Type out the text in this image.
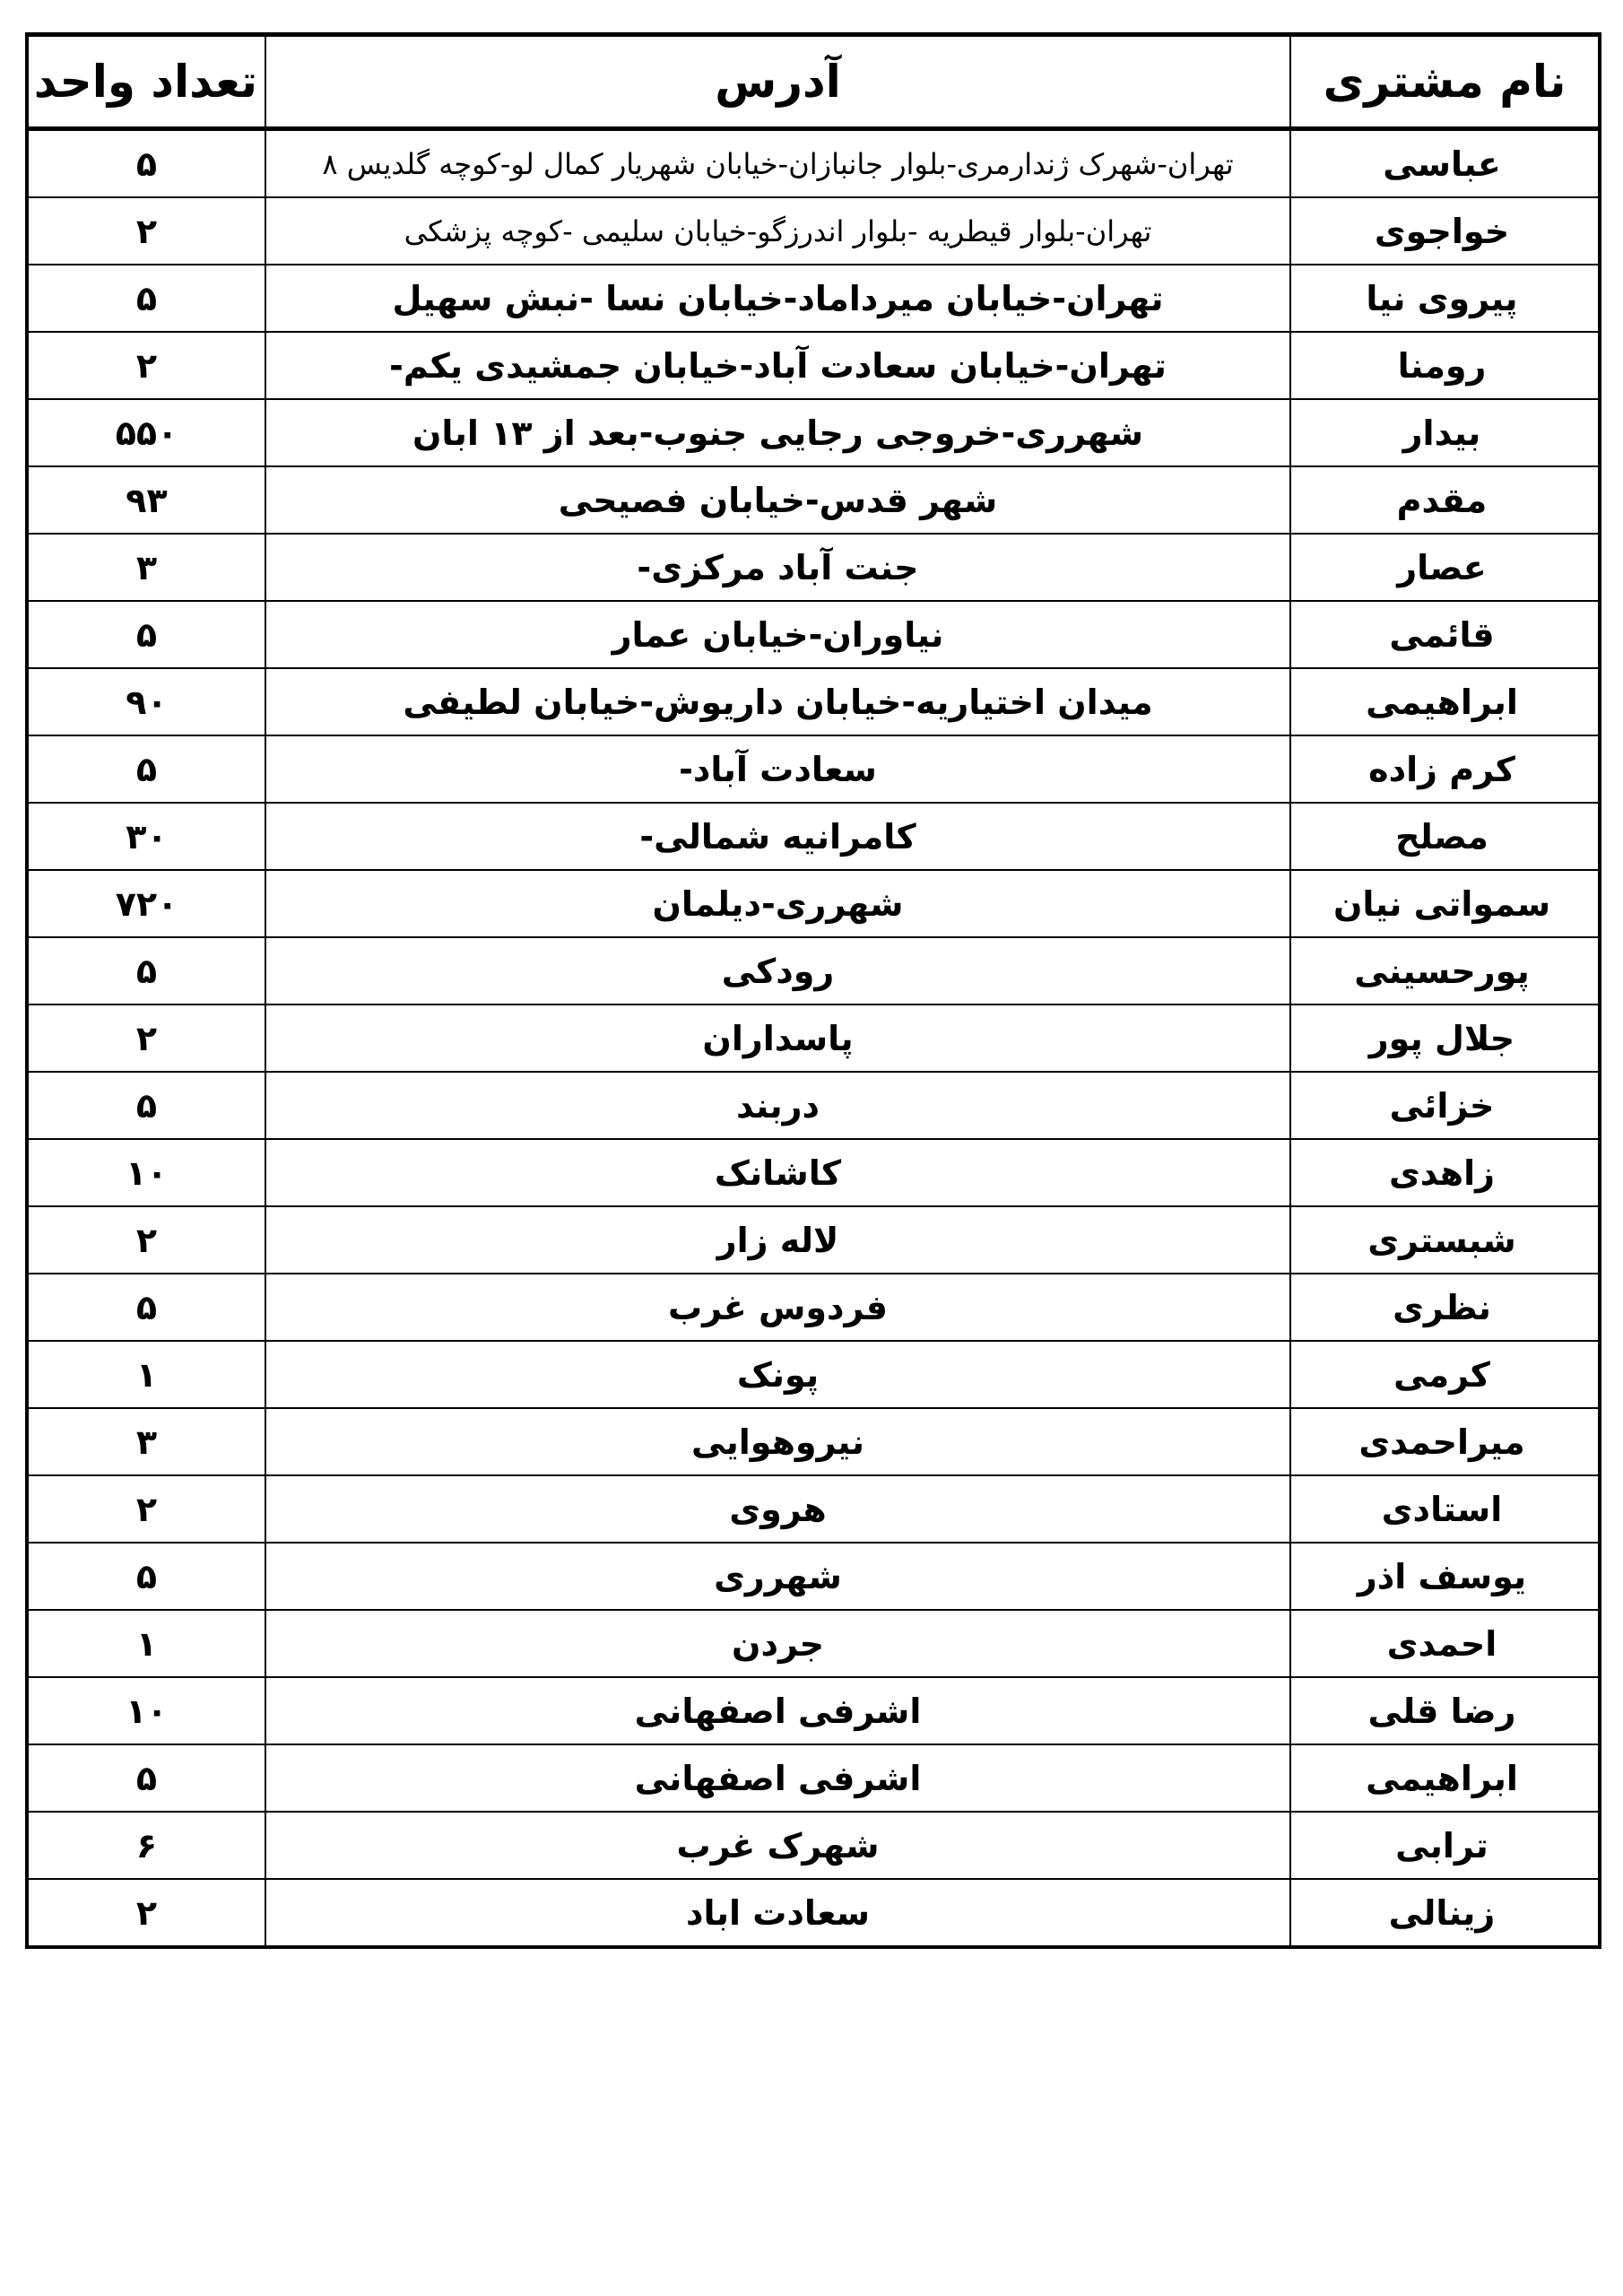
نام مشتری	آدرس	تعداد واحد
عباسی	تهران-شهرک ژندارمری-بلوار جانبازان-خیابان شهریار کمال لو-کوچه گلدیس ۸	۵
خواجوی	تهران-بلوار قیطریه -بلوار اندرزگو-خیابان سلیمی -کوچه پزشکی	۲
پیروی نیا	تهران-خیابان میرداماد-خیابان نسا -نبش سهیل	۵
رومنا	تهران-خیابان سعادت آباد-خیابان جمشیدی یکم-	۲
بیدار	شهرری-خروجی رجایی جنوب-بعد از ۱۳ ابان	۵۵۰
مقدم	شهر قدس-خیابان فصیحی	۹۳
عصار	جنت آباد مرکزی-	۳
قائمی	نیاوران-خیابان عمار	۵
ابراهیمی	میدان اختیاریه-خیابان داریوش-خیابان لطیفی	۹۰
کرم زاده	سعادت آباد-	۵
مصلح	کامرانیه شمالی-	۳۰
سمواتی نیان	شهرری-دیلمان	۷۲۰
پورحسینی	رودکی	۵
جلال پور	پاسداران	۲
خزائی	دربند	۵
زاهدی	کاشانک	۱۰
شبستری	لاله زار	۲
نظری	فردوس غرب	۵
کرمی	پونک	۱
میراحمدی	نیروهوایی	۳
استادی	هروی	۲
یوسف اذر	شهرری	۵
احمدی	جردن	۱
رضا قلی	اشرفی اصفهانی	۱۰
ابراهیمی	اشرفی اصفهانی	۵
ترابی	شهرک غرب	۶
زینالی	سعادت اباد	۲
